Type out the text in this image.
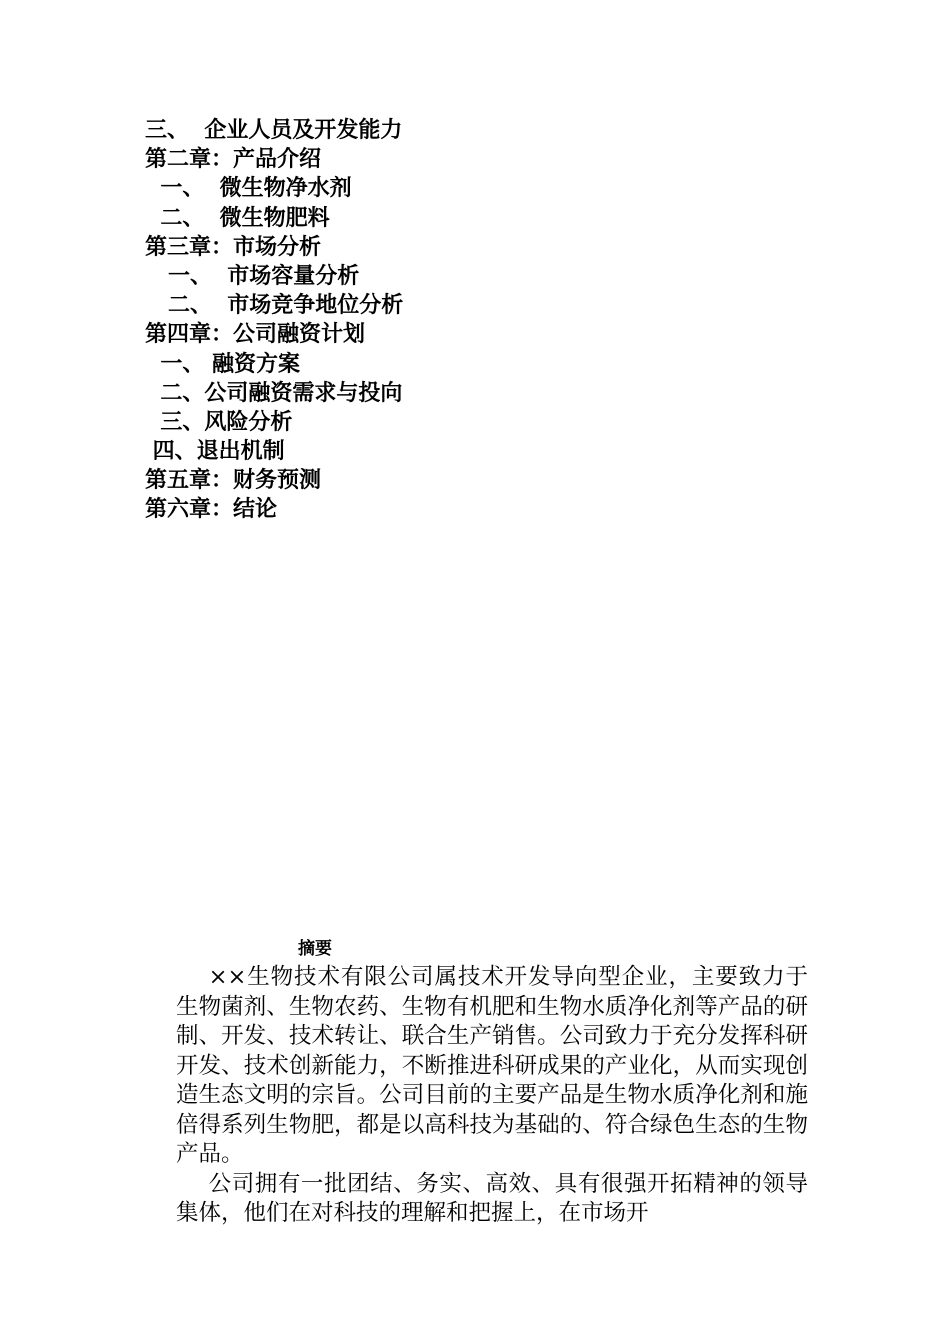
三、  企业人员及开发能力
第二章：产品介绍
一、  微生物净水剂
二、  微生物肥料
第三章：市场分析
一、  市场容量分析
二、  市场竞争地位分析
第四章：公司融资计划
一、 融资方案
二、公司融资需求与投向
三、风险分析
四、退出机制
第五章：财务预测
第六章：结论
摘要

××生物技术有限公司属技术开发导向型企业，主要致力于生物菌剂、生物农药、生物有机肥和生物水质净化剂等产品的研制、开发、技术转让、联合生产销售。公司致力于充分发挥科研开发、技术创新能力，不断推进科研成果的产业化，从而实现创造生态文明的宗旨。公司目前的主要产品是生物水质净化剂和施倍得系列生物肥，都是以高科技为基础的、符合绿色生态的生物产品。

公司拥有一批团结、务实、高效、具有很强开拓精神的领导集体，他们在对科技的理解和把握上，在市场开
